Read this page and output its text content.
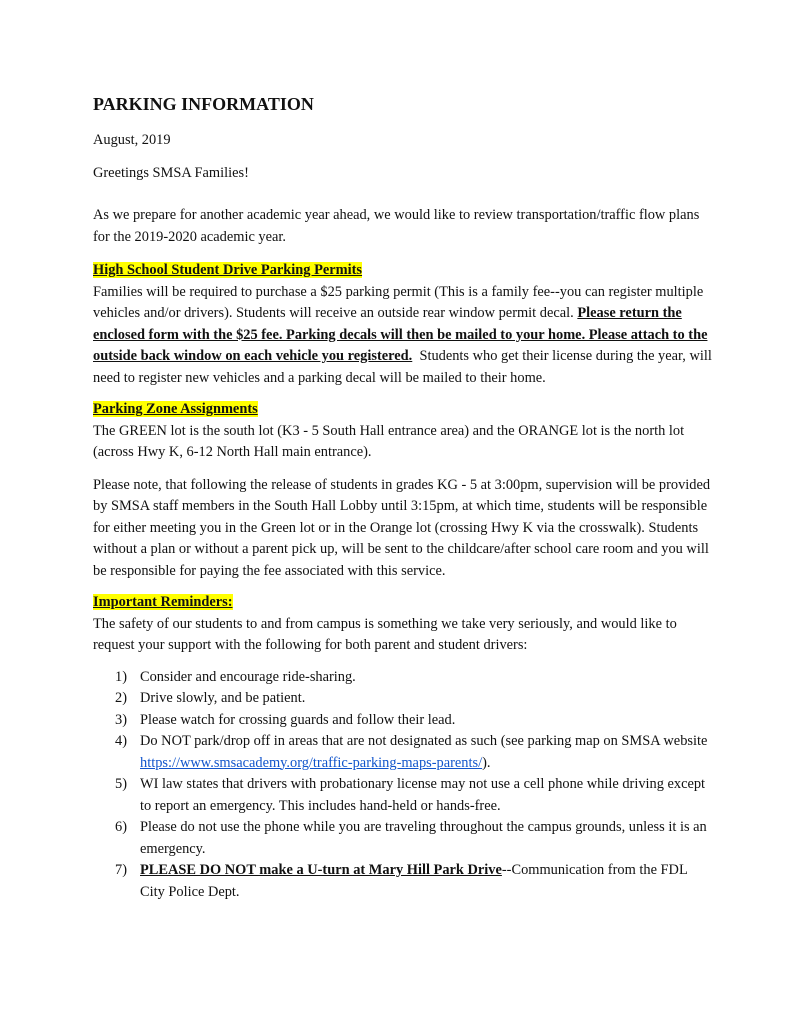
PARKING INFORMATION

August, 2019

Greetings SMSA Families!

As we prepare for another academic year ahead, we would like to review transportation/traffic flow plans for the 2019-2020 academic year.

High School Student Drive Parking Permits

Families will be required to purchase a $25 parking permit (This is a family fee--you can register multiple vehicles and/or drivers). Students will receive an outside rear window permit decal. Please return the enclosed form with the $25 fee. Parking decals will then be mailed to your home. Please attach to the outside back window on each vehicle you registered.  Students who get their license during the year, will need to register new vehicles and a parking decal will be mailed to their home.

Parking Zone Assignments

The GREEN lot is the south lot (K3 - 5 South Hall entrance area) and the ORANGE lot is the north lot (across Hwy K, 6-12 North Hall main entrance).

Please note, that following the release of students in grades KG - 5 at 3:00pm, supervision will be provided by SMSA staff members in the South Hall Lobby until 3:15pm, at which time, students will be responsible for either meeting you in the Green lot or in the Orange lot (crossing Hwy K via the crosswalk). Students without a plan or without a parent pick up, will be sent to the childcare/after school care room and you will be responsible for paying the fee associated with this service.

Important Reminders:

The safety of our students to and from campus is something we take very seriously, and would like to request your support with the following for both parent and student drivers:

1) Consider and encourage ride-sharing.
2) Drive slowly, and be patient.
3) Please watch for crossing guards and follow their lead.
4) Do NOT park/drop off in areas that are not designated as such (see parking map on SMSA website https://www.smsacademy.org/traffic-parking-maps-parents/).
5) WI law states that drivers with probationary license may not use a cell phone while driving except to report an emergency. This includes hand-held or hands-free.
6) Please do not use the phone while you are traveling throughout the campus grounds, unless it is an emergency.
7) PLEASE DO NOT make a U-turn at Mary Hill Park Drive--Communication from the FDL City Police Dept.
